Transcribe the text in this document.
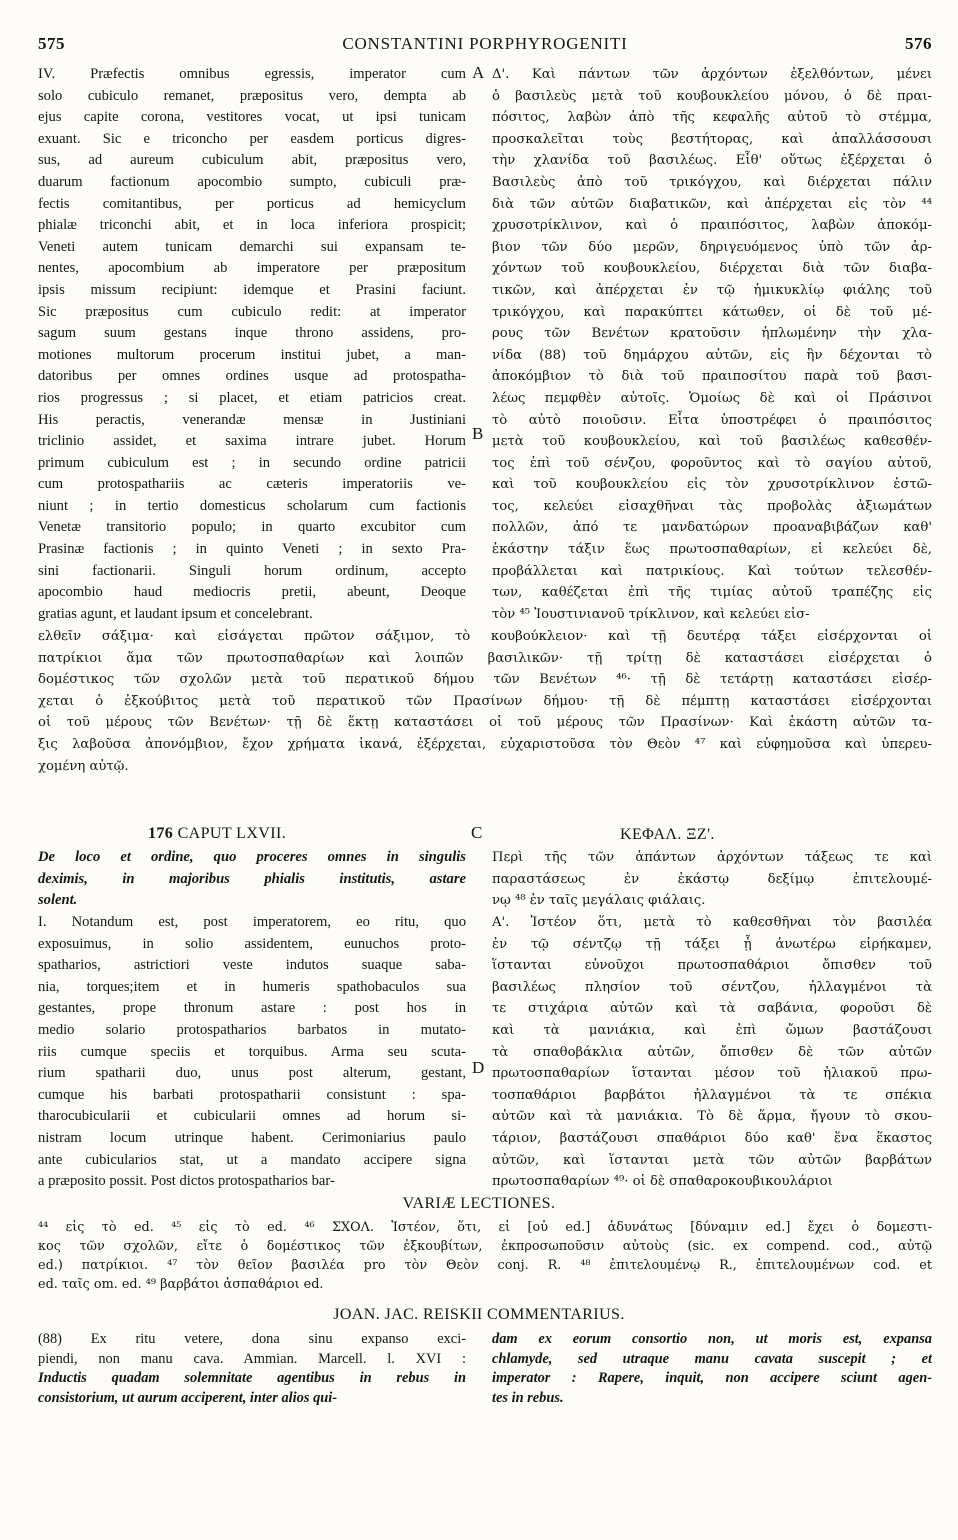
575	CONSTANTINI PORPHYROGENITI	576
A
B
C
D
IV. Præfectis omnibus egressis, imperator cum
solo cubiculo remanet, præpositus vero, dempta ab
ejus capite corona, vestitores vocat, ut ipsi tunicam
exuant. Sic e triconcho per easdem porticus digres-
sus, ad aureum cubiculum abit, præpositus vero,
duarum factionum apocombio sumpto, cubiculi præ-
fectis comitantibus, per porticus ad hemicyclum
phialæ triconchi abit, et in loca inferiora prospicit;
Veneti autem tunicam demarchi sui expansam te-
nentes, apocombium ab imperatore per præpositum
ipsis missum recipiunt: idemque et Prasini faciunt.
Sic præpositus cum cubiculo redit: at imperator
sagum suum gestans inque throno assidens, pro-
motiones multorum procerum institui jubet, a man-
datoribus per omnes ordines usque ad protospatha-
rios progressus ; si placet, et etiam patricios creat.
His peractis, venerandæ mensæ in Justiniani
triclinio assidet, et saxima intrare jubet. Horum
primum cubiculum est ; in secundo ordine patricii
cum protospathariis ac cæteris imperatoriis ve-
niunt ; in tertio domesticus scholarum cum factionis
Venetæ transitorio populo; in quarto excubitor cum
Prasinæ factionis ; in quinto Veneti ; in sexto Pra-
sini factionarii. Singuli horum ordinum, accepto
apocombio haud mediocris pretii, abeunt, Deoque
gratias agunt, et laudant ipsum et concelebrant.
Δ'. Καὶ πάντων τῶν ἀρχόντων ἐξελθόντων, μένει
ὁ βασιλεὺς μετὰ τοῦ κουβουκλείου μόνου, ὁ δὲ πραι-
πόσιτος, λαβὼν ἀπὸ τῆς κεφαλῆς αὐτοῦ τὸ στέμμα,
προσκαλεῖται τοὺς βεστήτορας, καὶ ἀπαλλάσσουσι
τὴν χλανίδα τοῦ βασιλέως. Εἶθ' οὕτως ἐξέρχεται ὁ
Βασιλεὺς ἀπὸ τοῦ τρικόγχου, καὶ διέρχεται πάλιν
διὰ τῶν αὐτῶν διαβατικῶν, καὶ ἀπέρχεται εἰς τὸν ⁴⁴
χρυσοτρίκλινον, καὶ ὁ πραιπόσιτος, λαβὼν ἀποκόμ-
βιον τῶν δύο μερῶν, δηριγευόμενος ὑπὸ τῶν ἀρ-
χόντων τοῦ κουβουκλείου, διέρχεται διὰ τῶν διαβα-
τικῶν, καὶ ἀπέρχεται ἐν τῷ ἡμικυκλίῳ φιάλης τοῦ
τρικόγχου, καὶ παρακύπτει κάτωθεν, οἱ δὲ τοῦ μέ-
ρους τῶν Βενέτων κρατοῦσιν ἡπλωμένην τὴν χλα-
νίδα (88) τοῦ δημάρχου αὐτῶν, εἰς ἣν δέχονται τὸ
ἀποκόμβιον τὸ διὰ τοῦ πραιποσίτου παρὰ τοῦ βασι-
λέως πεμφθὲν αὐτοῖς. Ὁμοίως δὲ καὶ οἱ Πράσινοι
τὸ αὐτὸ ποιοῦσιν. Εἶτα ὑποστρέφει ὁ πραιπόσιτος
μετὰ τοῦ κουβουκλείου, καὶ τοῦ βασιλέως καθεσθέν-
τος ἐπὶ τοῦ σένζου, φοροῦντος καὶ τὸ σαγίου αὐτοῦ,
καὶ τοῦ κουβουκλείου εἰς τὸν χρυσοτρίκλινον ἑστῶ-
τος, κελεύει εἰσαχθῆναι τὰς προβολὰς ἀξιωμάτων
πολλῶν, ἀπό τε μανδατώρων προαναβιβάζων καθ'
ἑκάστην τάξιν ἕως πρωτοσπαθαρίων, εἰ κελεύει δὲ,
προβάλλεται καὶ πατρικίους. Καὶ τούτων τελεσθέν-
των, καθέζεται ἐπὶ τῆς τιμίας αὐτοῦ τραπέζης εἰς
τὸν ⁴⁵ Ἰουστινιανοῦ τρίκλινον, καὶ κελεύει εἰσ-
ελθεῖν σάξιμα· καὶ εἰσάγεται πρῶτον σάξιμον, τὸ κουβούκλειον· καὶ τῇ δευτέρᾳ τάξει εἰσέρχονται οἱ
πατρίκιοι ἅμα τῶν πρωτοσπαθαρίων καὶ λοιπῶν βασιλικῶν· τῇ τρίτῃ δὲ καταστάσει εἰσέρχεται ὁ
δομέστικος τῶν σχολῶν μετὰ τοῦ περατικοῦ δήμου τῶν Βενέτων ⁴⁶· τῇ δὲ τετάρτῃ καταστάσει εἰσέρ-
χεται ὁ ἐξκούβιτος μετὰ τοῦ περατικοῦ τῶν Πρασίνων δήμου· τῇ δὲ πέμπτῃ καταστάσει εἰσέρχονται
οἱ τοῦ μέρους τῶν Βενέτων· τῇ δὲ ἕκτῃ καταστάσει οἱ τοῦ μέρους τῶν Πρασίνων· Καὶ ἑκάστη αὐτῶν τα-
ξις λαβοῦσα ἀπονόμβιον, ἔχον χρήματα ἱκανά, ἐξέρχεται, εὐχαριστοῦσα τὸν Θεὸν ⁴⁷ καὶ εὐφημοῦσα καὶ ὑπερευ-
χομένη αὐτῷ.
176 CAPUT LXVII.	ΚΕΦΑΛ. ΞΖ'.
De loco et ordine, quo proceres omnes in singulis
deximis, in majoribus phialis institutis, astare
solent.
Περὶ τῆς τῶν ἁπάντων ἀρχόντων τάξεως τε καὶ
παραστάσεως ἐν ἑκάστῳ δεξίμῳ ἐπιτελουμέ-
νῳ ⁴⁸ ἐν ταῖς μεγάλαις φιάλαις.
I. Notandum est, post imperatorem, eo ritu, quo
exposuimus, in solio assidentem, eunuchos proto-
spatharios, astrictiori veste indutos suaque saba-
nia, torques;item et in humeris spathobaculos sua
gestantes, prope thronum astare : post hos in
medio solario protospatharios barbatos in mutato-
riis cumque speciis et torquibus. Arma seu scuta-
rium spatharii duo, unus post alterum, gestant,
cumque his barbati protospatharii consistunt : spa-
tharocubicularii et cubicularii omnes ad horum si-
nistram locum utrinque habent. Cerimoniarius paulo
ante cubicularios stat, ut a mandato accipere signa
a præposito possit. Post dictos protospatharios bar-
Α'. Ἰστέον ὅτι, μετὰ τὸ καθεσθῆναι τὸν βασιλέα
ἐν τῷ σέντζῳ τῇ τάξει ᾗ ἀνωτέρω εἰρήκαμεν,
ἵστανται εὐνοῦχοι πρωτοσπαθάριοι ὄπισθεν τοῦ
βασιλέως πλησίον τοῦ σέντζου, ἠλλαγμένοι τὰ
τε στιχάρια αὐτῶν καὶ τὰ σαβάνια, φοροῦσι δὲ
καὶ τὰ μανιάκια, καὶ ἐπὶ ὤμων βαστάζουσι
τὰ σπαθοβάκλια αὐτῶν, ὄπισθεν δὲ τῶν αὐτῶν
πρωτοσπαθαρίων ἵστανται μέσον τοῦ ἡλιακοῦ πρω-
τοσπαθάριοι βαρβάτοι ἠλλαγμένοι τὰ τε σπέκια
αὐτῶν καὶ τὰ μανιάκια. Τὸ δὲ ἅρμα, ἤγουν τὸ σκου-
τάριον, βαστάζουσι σπαθάριοι δύο καθ' ἕνα ἕκαστος
αὐτῶν, καὶ ἵστανται μετὰ τῶν αὐτῶν βαρβάτων
πρωτοσπαθαρίων ⁴⁹· οἱ δὲ σπαθαροκουβικουλάριοι
VARIÆ LECTIONES.
⁴⁴ εἰς τὸ ed. ⁴⁵ εἰς τὸ ed. ⁴⁶ ΣΧΟΛ. Ἰστέον, ὅτι, εἰ [οὐ ed.] ἀδυνάτως [δύναμιν ed.] ἔχει ὁ δομεστι-
κος τῶν σχολῶν, εἴτε ὁ δομέστικος τῶν ἐξκουβίτων, ἐκπροσωποῦσιν αὐτοὺς (sic. ex compend. cod., αὐτῷ
ed.) πατρίκιοι. ⁴⁷ τὸν θεῖον βασιλέα pro τὸν Θεὸν conj. R. ⁴⁸ ἐπιτελουμένῳ R., ἐπιτελουμένων cod. et
ed. ταῖς om. ed. ⁴⁹ βαρβάτοι ἀσπαθάριοι ed.
JOAN. JAC. REISKII COMMENTARIUS.
(88) Ex ritu vetere, dona sinu expanso exci-
piendi, non manu cava. Ammian. Marcell. l. XVI :
Inductis quadam solemnitate agentibus in rebus in
consistorium, ut aurum acciperent, inter alios qui-
dam ex eorum consortio non, ut moris est, expansa
chlamyde, sed utraque manu cavata suscepit ; et
imperator : Rapere, inquit, non accipere sciunt agen-
tes in rebus.
